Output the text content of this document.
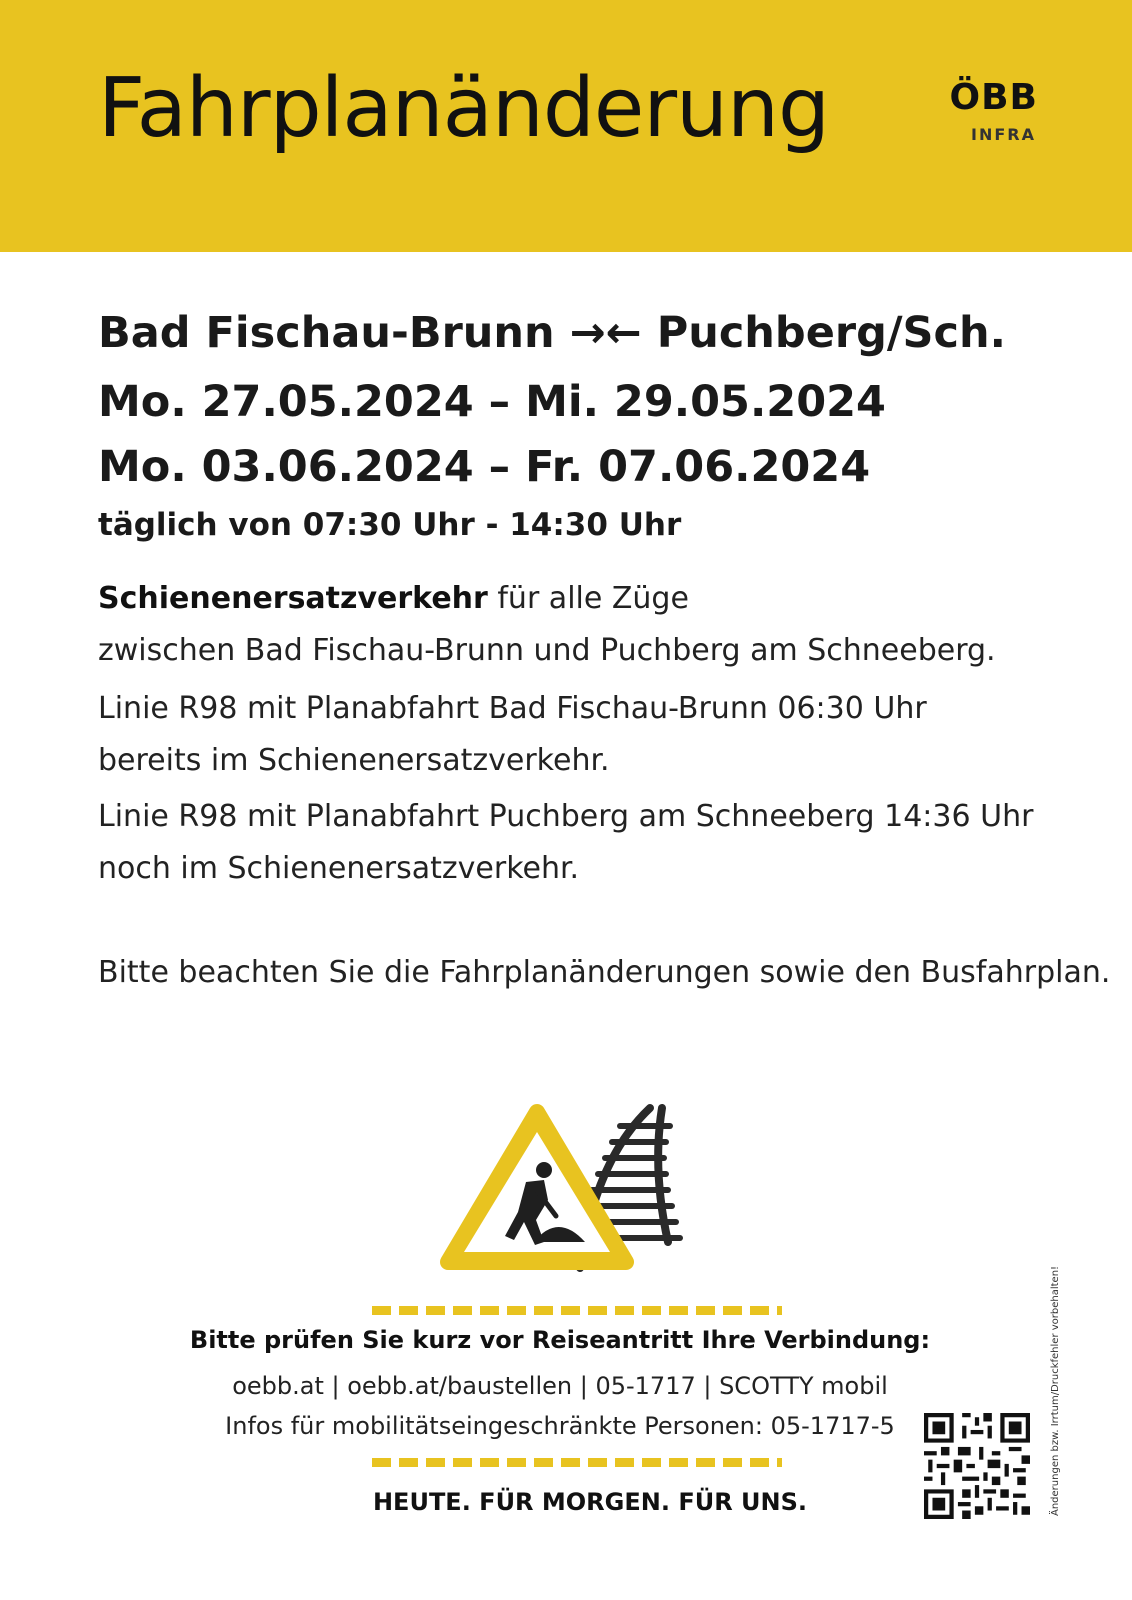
Fahrplanänderung	ÖBB
INFRA

Bad Fischau-Brunn →← Puchberg/Sch.

Mo. 27.05.2024 – Mi. 29.05.2024

Mo. 03.06.2024 – Fr. 07.06.2024

täglich von 07:30 Uhr - 14:30 Uhr

Schienenersatzverkehr für alle Züge

zwischen Bad Fischau-Brunn und Puchberg am Schneeberg.

Linie R98 mit Planabfahrt Bad Fischau-Brunn 06:30 Uhr

bereits im Schienenersatzverkehr.

Linie R98 mit Planabfahrt Puchberg am Schneeberg 14:36 Uhr

noch im Schienenersatzverkehr.

Bitte beachten Sie die Fahrplanänderungen sowie den Busfahrplan.

Bitte prüfen Sie kurz vor Reiseantritt Ihre Verbindung:

oebb.at | oebb.at/baustellen | 05-1717 | SCOTTY mobil

Infos für mobilitätseingeschränkte Personen: 05-1717-5

HEUTE. FÜR MORGEN. FÜR UNS.	Änderungen bzw. Irrtum/Druckfehler vorbehalten!
